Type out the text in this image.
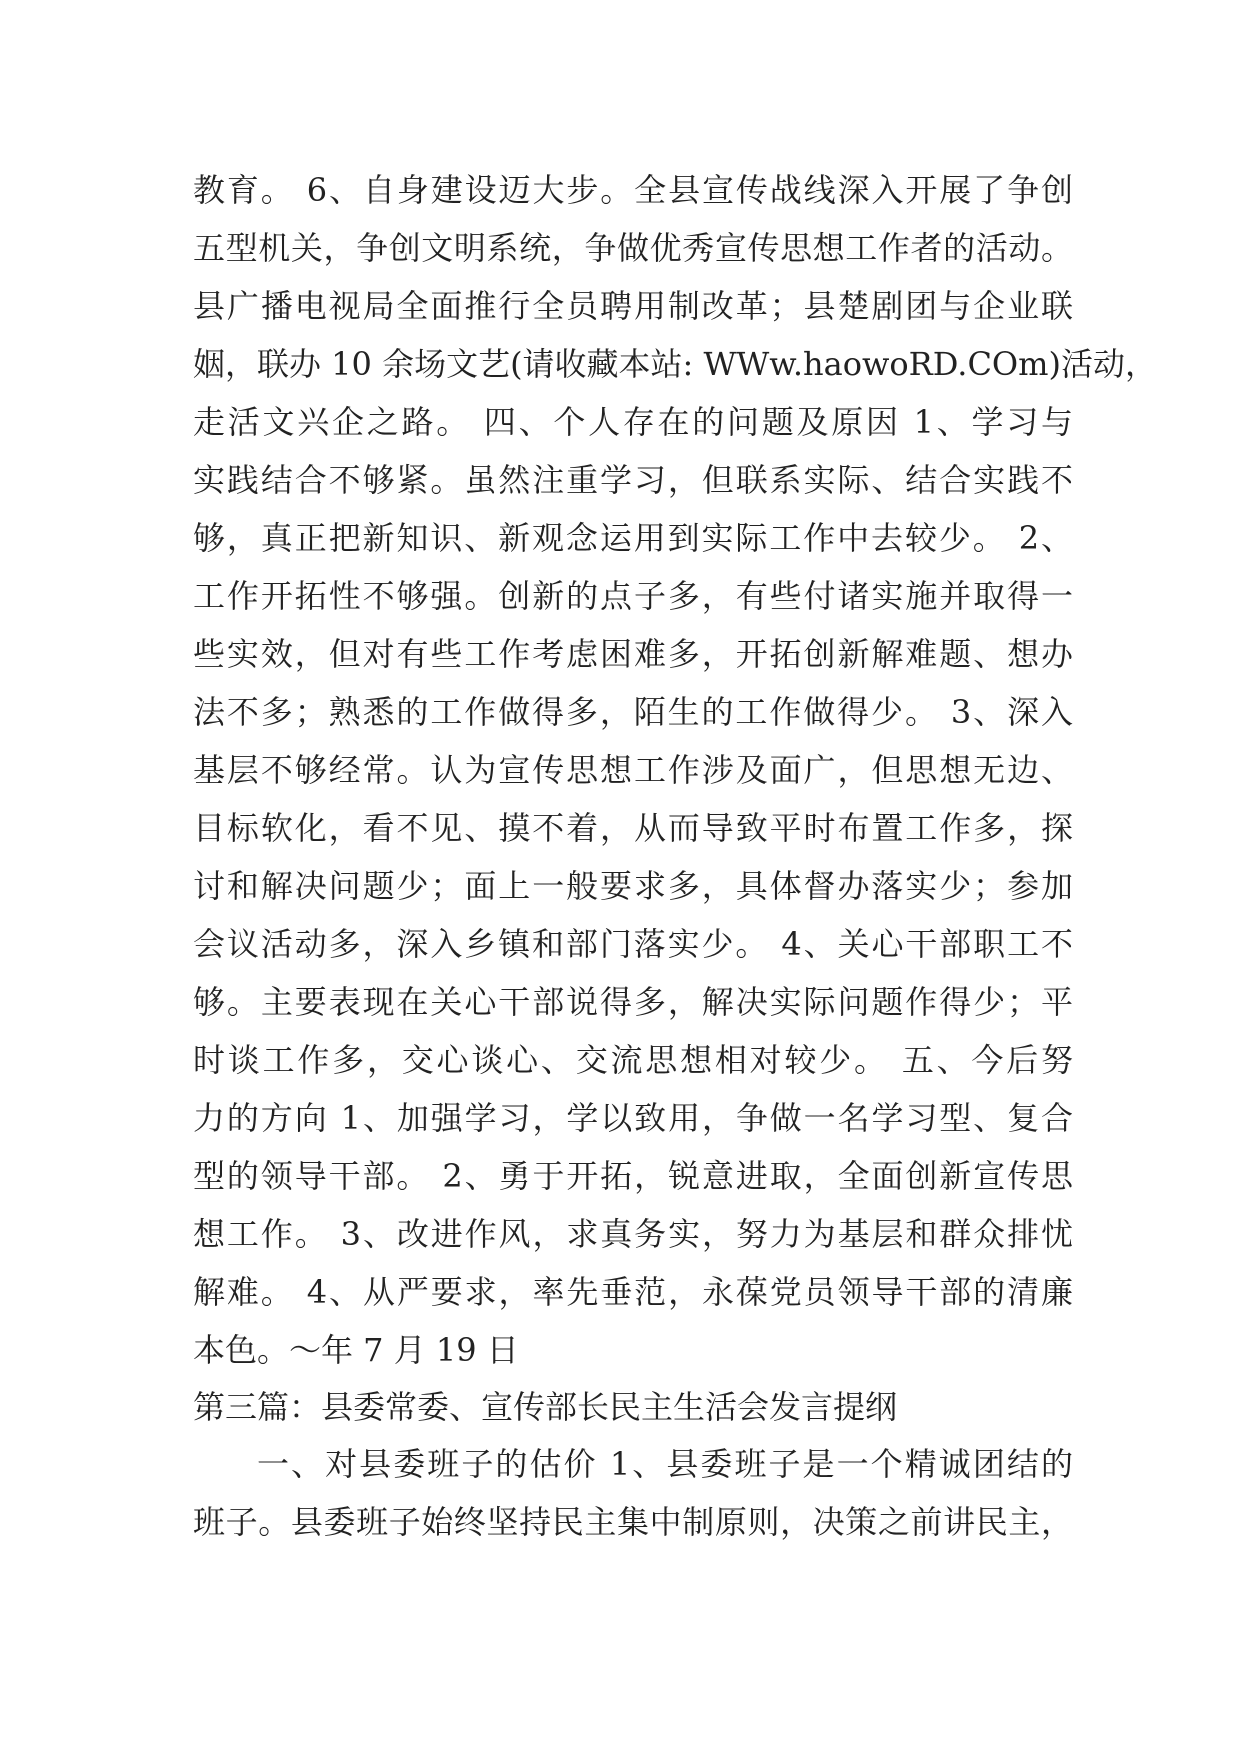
教育。 6、自身建设迈大步。全县宣传战线深入开展了争创
五型机关，争创文明系统，争做优秀宣传思想工作者的活动。
县广播电视局全面推行全员聘用制改革；县楚剧团与企业联
姻，联办 10 余场文艺(请收藏本站: WWw.haowoRD.COm)活动，
走活文兴企之路。 四、个人存在的问题及原因 1、学习与
实践结合不够紧。虽然注重学习，但联系实际、结合实践不
够，真正把新知识、新观念运用到实际工作中去较少。 2、
工作开拓性不够强。创新的点子多，有些付诸实施并取得一
些实效，但对有些工作考虑困难多，开拓创新解难题、想办
法不多；熟悉的工作做得多，陌生的工作做得少。 3、深入
基层不够经常。认为宣传思想工作涉及面广，但思想无边、
目标软化，看不见、摸不着，从而导致平时布置工作多，探
讨和解决问题少；面上一般要求多，具体督办落实少；参加
会议活动多，深入乡镇和部门落实少。 4、关心干部职工不
够。主要表现在关心干部说得多，解决实际问题作得少；平
时谈工作多，交心谈心、交流思想相对较少。 五、今后努
力的方向 1、加强学习，学以致用，争做一名学习型、复合
型的领导干部。 2、勇于开拓，锐意进取，全面创新宣传思
想工作。 3、改进作风，求真务实，努力为基层和群众排忧
解难。 4、从严要求，率先垂范，永葆党员领导干部的清廉
本色。～年 7 月 19 日
第三篇：县委常委、宣传部长民主生活会发言提纲
一、对县委班子的估价 1、县委班子是一个精诚团结的
班子。县委班子始终坚持民主集中制原则，决策之前讲民主，
